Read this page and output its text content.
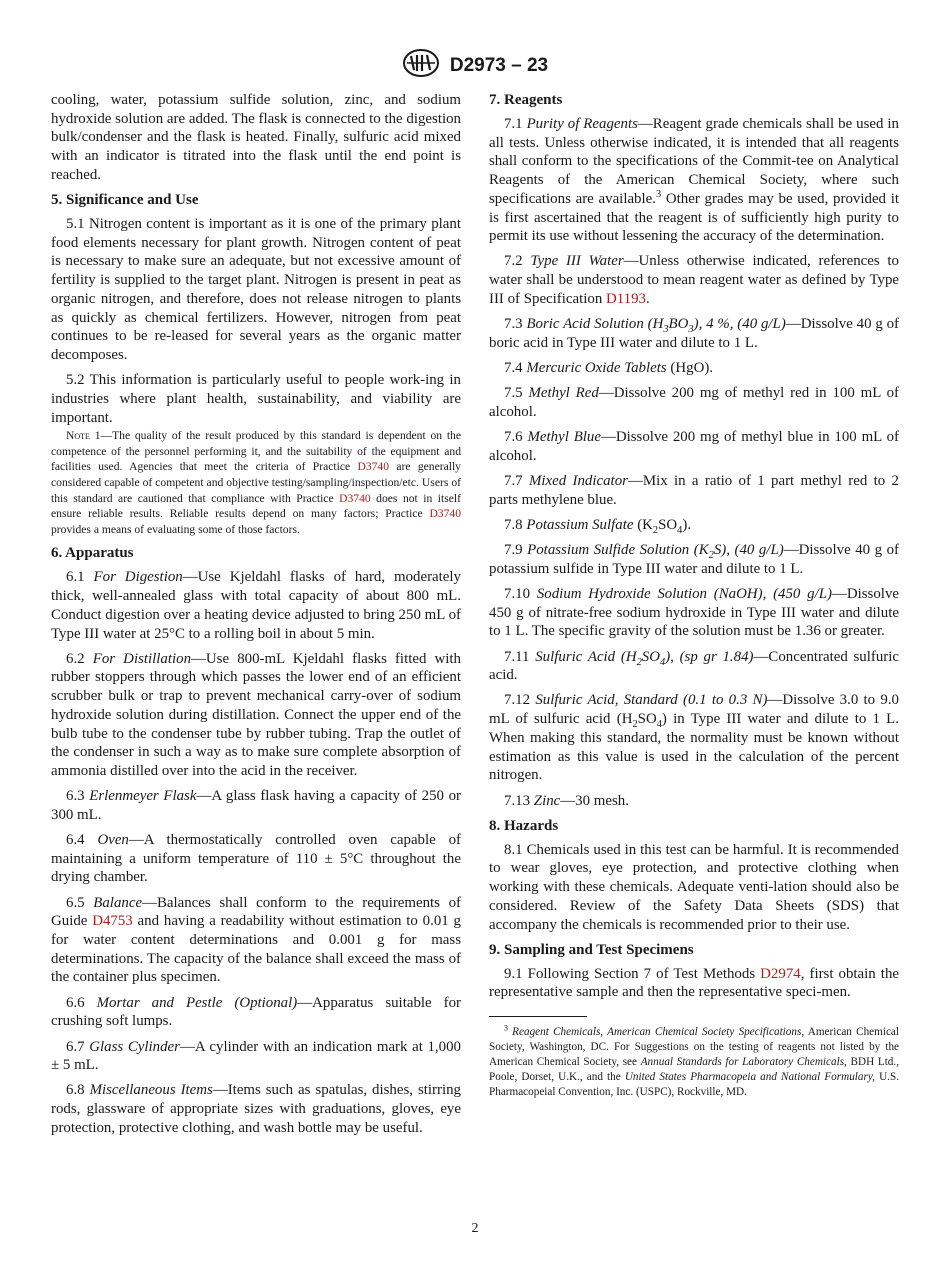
D2973 – 23

cooling, water, potassium sulfide solution, zinc, and sodium hydroxide solution are added. The flask is connected to the digestion bulk/condenser and the flask is heated. Finally, sulfuric acid mixed with an indicator is titrated into the flask until the end point is reached.

5. Significance and Use

5.1 Nitrogen content is important as it is one of the primary plant food elements necessary for plant growth. Nitrogen content of peat is necessary to make sure an adequate, but not excessive amount of fertility is supplied to the target plant. Nitrogen is present in peat as organic nitrogen, and therefore, does not release nitrogen to plants as quickly as chemical fertilizers. However, nitrogen from peat continues to be re-leased for several years as the organic matter decomposes.

5.2 This information is particularly useful to people work-ing in industries where plant health, sustainability, and viability are important.

Note 1—The quality of the result produced by this standard is dependent on the competence of the personnel performing it, and the suitability of the equipment and facilities used. Agencies that meet the criteria of Practice D3740 are generally considered capable of competent and objective testing/sampling/inspection/etc. Users of this standard are cautioned that compliance with Practice D3740 does not in itself ensure reliable results. Reliable results depend on many factors; Practice D3740 provides a means of evaluating some of those factors.
6. Apparatus

6.1 For Digestion—Use Kjeldahl flasks of hard, moderately thick, well-annealed glass with total capacity of about 800 mL. Conduct digestion over a heating device adjusted to bring 250 mL of Type III water at 25°C to a rolling boil in about 5 min.

6.2 For Distillation—Use 800-mL Kjeldahl flasks fitted with rubber stoppers through which passes the lower end of an efficient scrubber bulk or trap to prevent mechanical carry-over of sodium hydroxide solution during distillation. Connect the upper end of the bulb tube to the condenser tube by rubber tubing. Trap the outlet of the condenser in such a way as to make sure complete absorption of ammonia distilled over into the acid in the receiver.

6.3 Erlenmeyer Flask—A glass flask having a capacity of 250 or 300 mL.

6.4 Oven—A thermostatically controlled oven capable of maintaining a uniform temperature of 110 ± 5°C throughout the drying chamber.

6.5 Balance—Balances shall conform to the requirements of Guide D4753 and having a readability without estimation to 0.01 g for water content determinations and 0.001 g for mass determinations. The capacity of the balance shall exceed the mass of the container plus specimen.

6.6 Mortar and Pestle (Optional)—Apparatus suitable for crushing soft lumps.

6.7 Glass Cylinder—A cylinder with an indication mark at 1,000 ± 5 mL.

6.8 Miscellaneous Items—Items such as spatulas, dishes, stirring rods, glassware of appropriate sizes with graduations, gloves, eye protection, protective clothing, and wash bottle may be useful.

7. Reagents

7.1 Purity of Reagents—Reagent grade chemicals shall be used in all tests. Unless otherwise indicated, it is intended that all reagents shall conform to the specifications of the Commit-tee on Analytical Reagents of the American Chemical Society, where such specifications are available.$^3$ Other grades may be used, provided it is first ascertained that the reagent is of sufficiently high purity to permit its use without lessening the accuracy of the determination.

7.2 Type III Water—Unless otherwise indicated, references to water shall be understood to mean reagent water as defined by Type III of Specification D1193.

7.3 Boric Acid Solution $(H_3BO_3)$, 4 %, (40 g/L)—Dissolve 40 g of boric acid in Type III water and dilute to 1 L.

7.4 Mercuric Oxide Tablets (HgO).

7.5 Methyl Red—Dissolve 200 mg of methyl red in 100 mL of alcohol.

7.6 Methyl Blue—Dissolve 200 mg of methyl blue in 100 mL of alcohol.

7.7 Mixed Indicator—Mix in a ratio of 1 part methyl red to 2 parts methylene blue.

7.8 Potassium Sulfate $(K_2SO_4)$.

7.9 Potassium Sulfide Solution $(K_2S)$, (40 g/L)—Dissolve 40 g of potassium sulfide in Type III water and dilute to 1 L.

7.10 Sodium Hydroxide Solution (NaOH), (450 g/L)—Dissolve 450 g of nitrate-free sodium hydroxide in Type III water and dilute to 1 L. The specific gravity of the solution must be 1.36 or greater.

7.11 Sulfuric Acid $(H_2SO_4)$, (sp gr 1.84)—Concentrated sulfuric acid.

7.12 Sulfuric Acid, Standard (0.1 to 0.3 N)—Dissolve 3.0 to 9.0 mL of sulfuric acid $(H_2SO_4)$ in Type III water and dilute to 1 L. When making this standard, the normality must be known without estimation as this value is used in the calculation of the percent nitrogen.

7.13 Zinc—30 mesh.

8. Hazards

8.1 Chemicals used in this test can be harmful. It is recommended to wear gloves, eye protection, and protective clothing when working with these chemicals. Adequate venti-lation should also be considered. Review of the Safety Data Sheets (SDS) that accompany the chemicals is recommended prior to their use.

9. Sampling and Test Specimens

9.1 Following Section 7 of Test Methods D2974, first obtain the representative sample and then the representative speci-men.

$^3$ Reagent Chemicals, American Chemical Society Specifications, American Chemical Society, Washington, DC. For Suggestions on the testing of reagents not listed by the American Chemical Society, see Annual Standards for Laboratory Chemicals, BDH Ltd., Poole, Dorset, U.K., and the United States Pharmacopeia and National Formulary, U.S. Pharmacopeial Convention, Inc. (USPC), Rockville, MD.
2
